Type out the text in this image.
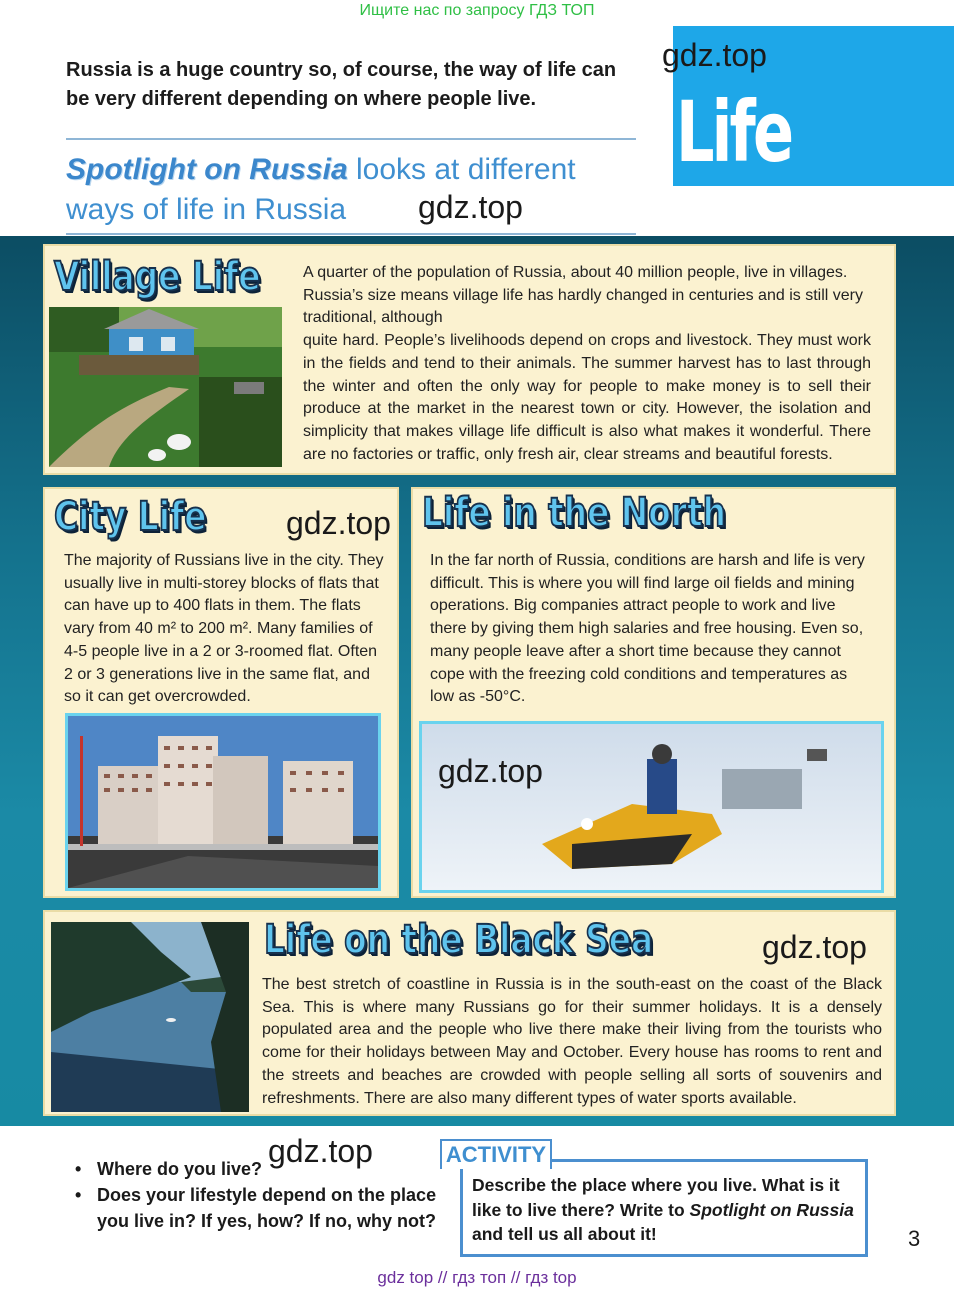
Ищите нас по запросу ГДЗ ТОП
Russia is a huge country so, of course, the way of life can be very different depending on where people live.
Spotlight on Russia looks at different
ways of life in Russia
Life
gdz.top
gdz.top
Village Life	A quarter of the population of Russia, about 40 million people, live in villages.
Russia’s size means village life has hardly changed in centuries and is still very
traditional, although
quite hard. People’s livelihoods depend on crops and livestock. They must work in the fields and tend to their animals. The summer harvest has to last through the winter and often the only way for people to make money is to sell their produce at the market in the nearest town or city. However, the isolation and simplicity that makes village life difficult is also what makes it wonderful. There are no factories or traffic, only fresh air, clear streams and beautiful forests.
City Life gdz.top
The majority of Russians live in the city. They
usually live in multi-storey blocks of flats that
can have up to 400 flats in them. The flats
vary from 40 m² to 200 m². Many families of
4-5 people live in a 2 or 3-roomed flat. Often
2 or 3 generations live in the same flat, and
so it can get overcrowded.
Life in the North
In the far north of Russia, conditions are harsh and life is very
difficult. This is where you will find large oil fields and mining
operations. Big companies attract people to work and live
there by giving them high salaries and free housing. Even so,
many people leave after a short time because they cannot
cope with the freezing cold conditions and temperatures as
low as -50°C.
gdz.top
Life on the Black Sea	gdz.top
The best stretch of coastline in Russia is in the south-east on the coast of the Black Sea. This is where many Russians go for their summer holidays. It is a densely populated area and the people who live there make their living from the tourists who come for their holidays between May and October. Every house has rooms to rent and the streets and beaches are crowded with people selling all sorts of souvenirs and refreshments. There are also many different types of water sports available.
• Where do you live?
• Does your lifestyle depend on the place
you live in? If yes, how? If no, why not?
gdz.top	ACTIVITY
Describe the place where you live. What is it like to live there? Write to Spotlight on Russia and tell us all about it!	3
gdz top // гдз топ // гдз top
